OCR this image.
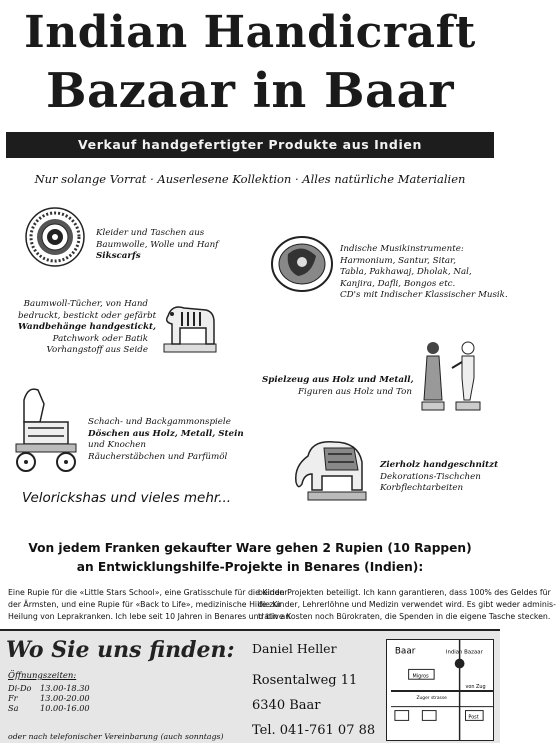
Indian Handicraft
Bazaar in Baar
Verkauf handgefertigter Produkte aus Indien
Nur solange Vorrat · Auserlesene Kollektion · Alles natürliche Materialien
Kleider und Taschen aus
Baumwolle, Wolle und Hanf
Sikscarfs
Indische Musikinstrumente:
Harmonium, Santur, Sitar,
Tabla, Pakhawaj, Dholak, Nal,
Kanjira, Dafli, Bongos etc.
CD's mit Indischer Klassischer Musik.
Baumwoll-Tücher, von Hand
bedruckt, bestickt oder gefärbt
Wandbehänge handgestickt,
Patchwork oder Batik
Vorhangstoff aus Seide
Spielzeug aus Holz und Metall,
Figuren aus Holz und Ton
Schach- und Backgammonspiele
Döschen aus Holz, Metall, Stein
und Knochen
Räucherstäbchen und Parfümöl
Zierholz handgeschnitzt
Dekorations-Tischchen
Korbflechtarbeiten
Velorickshas und vieles mehr...
Von jedem Franken gekaufter Ware gehen 2 Rupien (10 Rappen)
an Entwicklungshilfe-Projekte in Benares (Indien):
Eine Rupie für die «Little Stars School», eine Gratisschule für die Kinder
der Ärmsten, und eine Rupie für «Back to Life», medizinische Hilfe zur
Heilung von Leprakranken. Ich lebe seit 10 Jahren in Benares und bin an
beiden Projekten beteiligt. Ich kann garantieren, dass 100% des Geldes für
die Kinder, Lehrerlöhne und Medizin verwendet wird. Es gibt weder adminis-
trative Kosten noch Bürokraten, die Spenden in die eigene Tasche stecken.
Wo Sie uns finden:
Öffnungszeiten:
Di-Do 13.00-18.30
Fr	13.00-20.00
Sa	10.00-16.00
oder nach telefonischer Vereinbarung (auch sonntags)
Daniel Heller
Rosentalweg 11
6340 Baar
Tel. 041-761 07 88
Baar	Indian Bazaar
Migros
Zuger strasse
von Zug
Post
